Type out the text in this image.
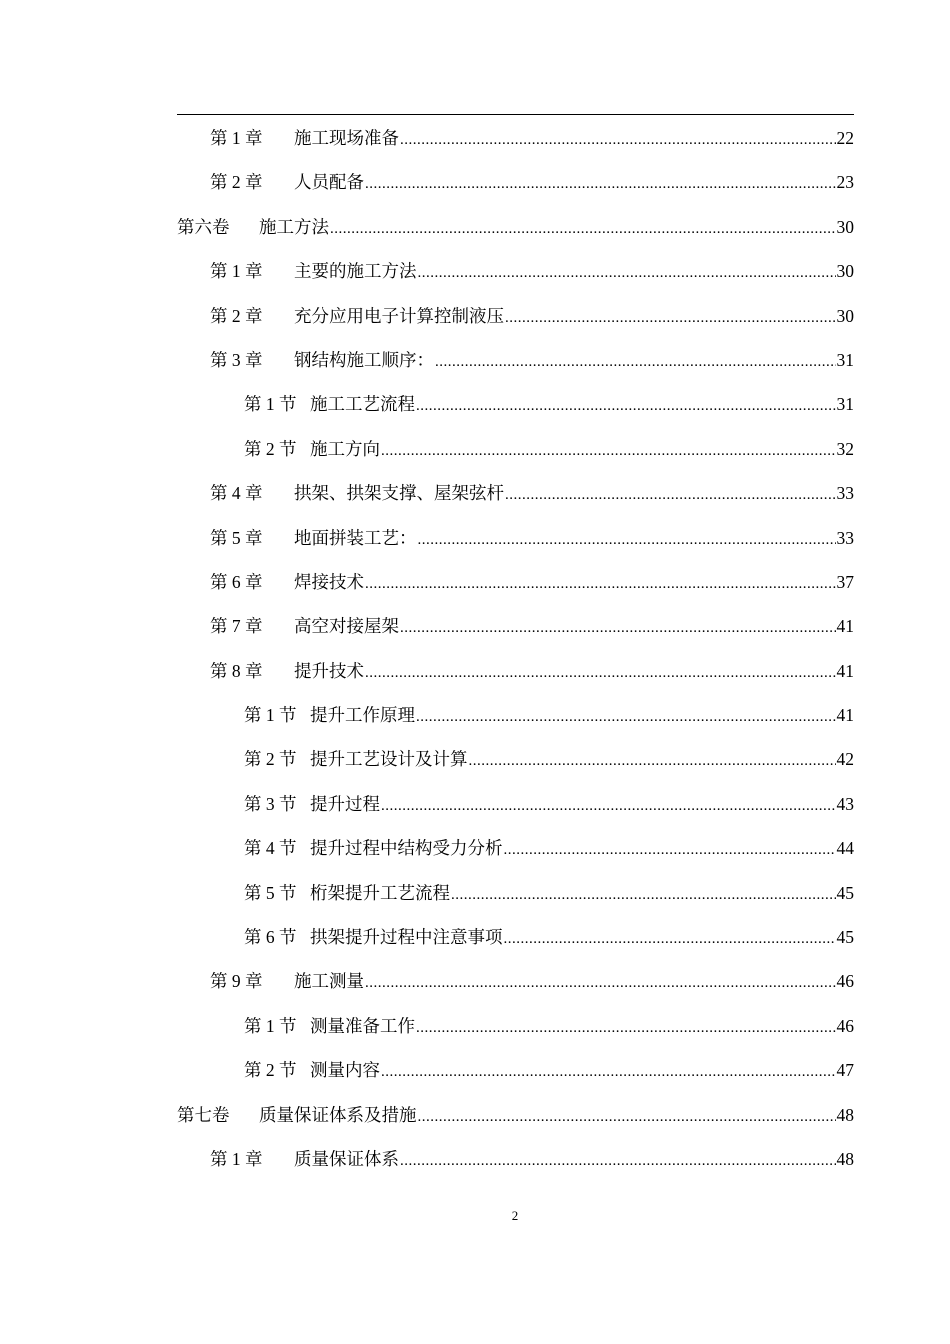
第 1 章	施工现场准备 .....	22
第 2 章	人员配备 .....	23
第六卷	施工方法 .....	30
第 1 章	主要的施工方法 .....	30
第 2 章	充分应用电子计算控制液压 .....	30
第 3 章	钢结构施工顺序： .....	31
第 1 节 施工工艺流程 .....	31
第 2 节 施工方向 .....	32
第 4 章	拱架、拱架支撑、屋架弦杆 .....	33
第 5 章	地面拼装工艺： .....	33
第 6 章	焊接技术 .....	37
第 7 章	高空对接屋架 .....	41
第 8 章	提升技术 .....	41
第 1 节 提升工作原理 .....	41
第 2 节 提升工艺设计及计算 .....	42
第 3 节 提升过程 .....	43
第 4 节 提升过程中结构受力分析 .....	44
第 5 节 桁架提升工艺流程 .....	45
第 6 节 拱架提升过程中注意事项 .....	45
第 9 章	施工测量 .....	46
第 1 节 测量准备工作 .....	46
第 2 节 测量内容 .....	47
第七卷	质量保证体系及措施 .....	48
第 1 章	质量保证体系 .....	48
2
